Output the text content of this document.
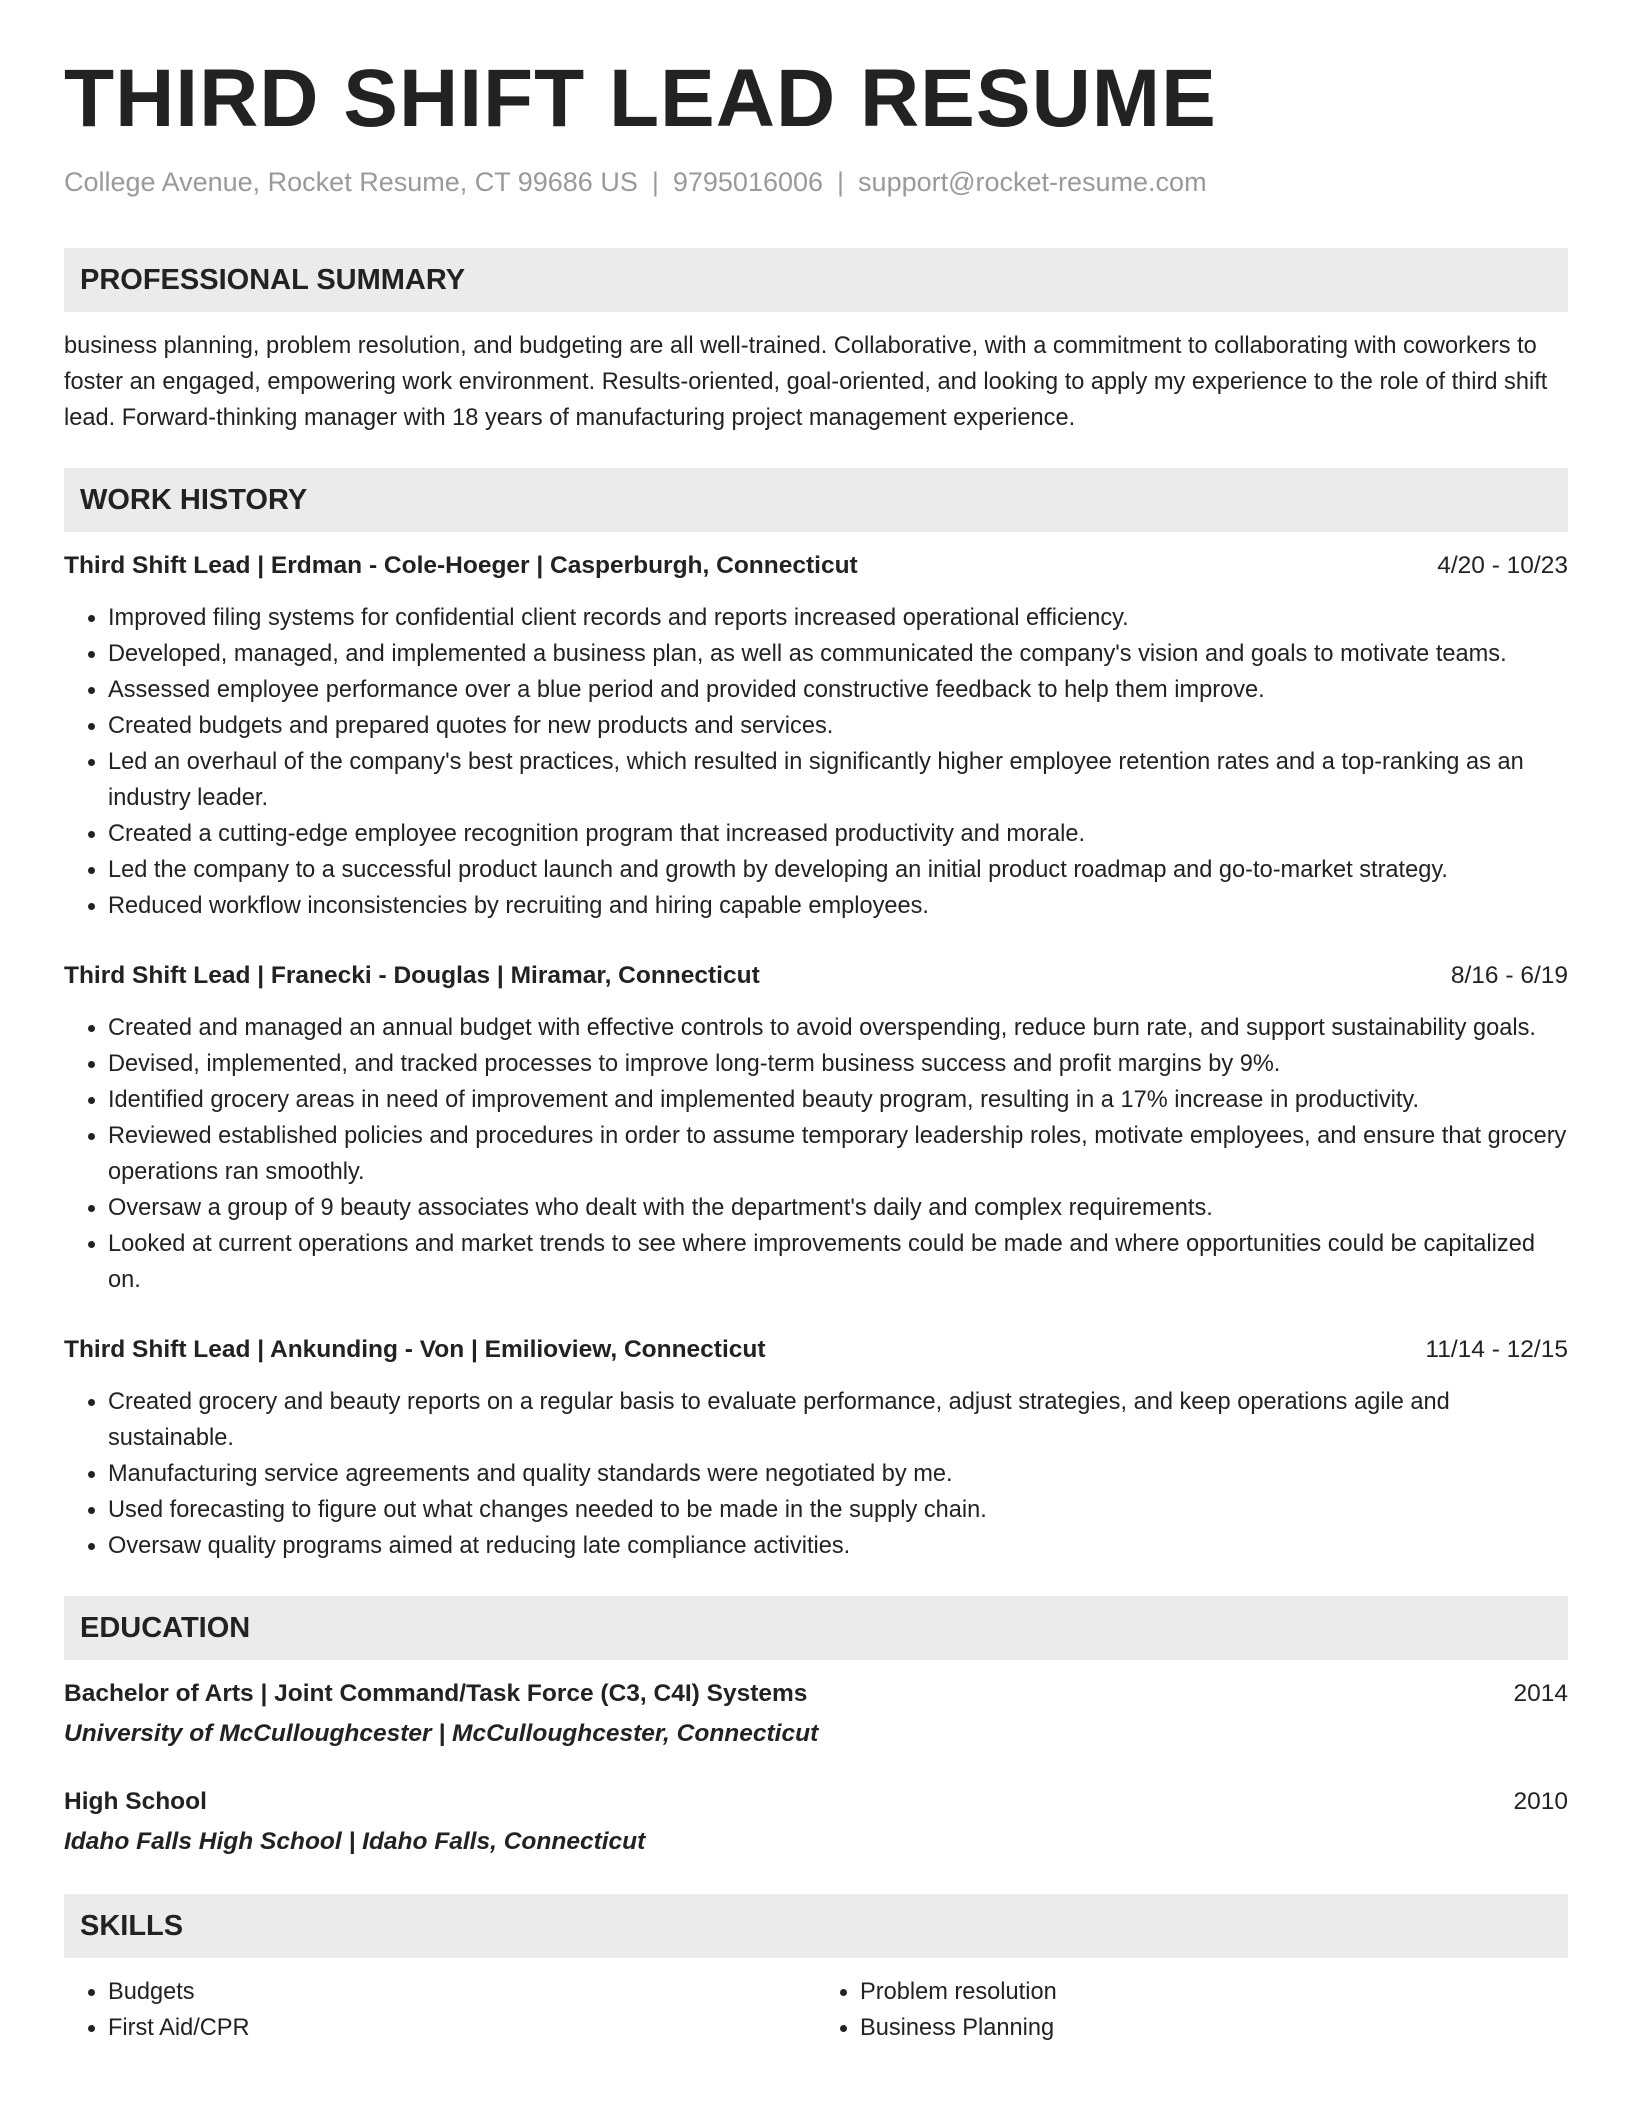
THIRD SHIFT LEAD RESUME
College Avenue, Rocket Resume, CT 99686 US | 9795016006 | support@rocket-resume.com
PROFESSIONAL SUMMARY
business planning, problem resolution, and budgeting are all well-trained. Collaborative, with a commitment to collaborating with coworkers to foster an engaged, empowering work environment. Results-oriented, goal-oriented, and looking to apply my experience to the role of third shift lead. Forward-thinking manager with 18 years of manufacturing project management experience.
WORK HISTORY
Third Shift Lead | Erdman - Cole-Hoeger | Casperburgh, Connecticut	4/20 - 10/23
• Improved filing systems for confidential client records and reports increased operational efficiency.
• Developed, managed, and implemented a business plan, as well as communicated the company's vision and goals to motivate teams.
• Assessed employee performance over a blue period and provided constructive feedback to help them improve.
• Created budgets and prepared quotes for new products and services.
• Led an overhaul of the company's best practices, which resulted in significantly higher employee retention rates and a top-ranking as an industry leader.
• Created a cutting-edge employee recognition program that increased productivity and morale.
• Led the company to a successful product launch and growth by developing an initial product roadmap and go-to-market strategy.
• Reduced workflow inconsistencies by recruiting and hiring capable employees.
Third Shift Lead | Franecki - Douglas | Miramar, Connecticut	8/16 - 6/19
• Created and managed an annual budget with effective controls to avoid overspending, reduce burn rate, and support sustainability goals.
• Devised, implemented, and tracked processes to improve long-term business success and profit margins by 9%.
• Identified grocery areas in need of improvement and implemented beauty program, resulting in a 17% increase in productivity.
• Reviewed established policies and procedures in order to assume temporary leadership roles, motivate employees, and ensure that grocery operations ran smoothly.
• Oversaw a group of 9 beauty associates who dealt with the department's daily and complex requirements.
• Looked at current operations and market trends to see where improvements could be made and where opportunities could be capitalized on.
Third Shift Lead | Ankunding - Von | Emilioview, Connecticut	11/14 - 12/15
• Created grocery and beauty reports on a regular basis to evaluate performance, adjust strategies, and keep operations agile and sustainable.
• Manufacturing service agreements and quality standards were negotiated by me.
• Used forecasting to figure out what changes needed to be made in the supply chain.
• Oversaw quality programs aimed at reducing late compliance activities.
EDUCATION
Bachelor of Arts | Joint Command/Task Force (C3, C4I) Systems	2014
University of McCulloughcester | McCulloughcester, Connecticut
High School	2010
Idaho Falls High School | Idaho Falls, Connecticut
SKILLS
• Budgets
• First Aid/CPR
• Problem resolution
• Business Planning
